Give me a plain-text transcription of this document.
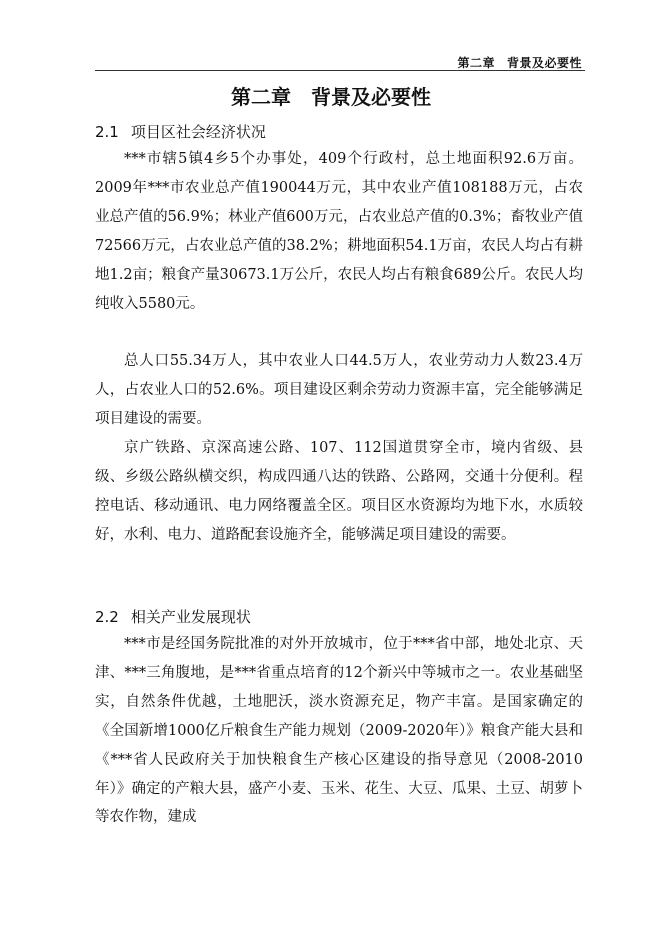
第二章 背景及必要性
第二章 背景及必要性
2.1 项目区社会经济状况

***市辖5镇4乡5个办事处，409个行政村，总土地面积92.6万亩。2009年***市农业总产值190044万元，其中农业产值108188万元，占农业总产值的56.9%；林业产值600万元，占农业总产值的0.3%；畜牧业产值72566万元，占农业总产值的38.2%；耕地面积54.1万亩，农民人均占有耕地1.2亩；粮食产量30673.1万公斤，农民人均占有粮食689公斤。农民人均纯收入5580元。

总人口55.34万人，其中农业人口44.5万人，农业劳动力人数23.4万人，占农业人口的52.6%。项目建设区剩余劳动力资源丰富，完全能够满足项目建设的需要。

京广铁路、京深高速公路、107、112国道贯穿全市，境内省级、县级、乡级公路纵横交织，构成四通八达的铁路、公路网，交通十分便利。程控电话、移动通讯、电力网络覆盖全区。项目区水资源均为地下水，水质较好，水利、电力、道路配套设施齐全，能够满足项目建设的需要。

2.2 相关产业发展现状

***市是经国务院批准的对外开放城市，位于***省中部，地处北京、天津、***三角腹地，是***省重点培育的12个新兴中等城市之一。农业基础坚实，自然条件优越，土地肥沃，淡水资源充足，物产丰富。是国家确定的《全国新增1000亿斤粮食生产能力规划（2009-2020年）》粮食产能大县和《***省人民政府关于加快粮食生产核心区建设的指导意见（2008-2010年）》确定的产粮大县，盛产小麦、玉米、花生、大豆、瓜果、土豆、胡萝卜等农作物，建成
